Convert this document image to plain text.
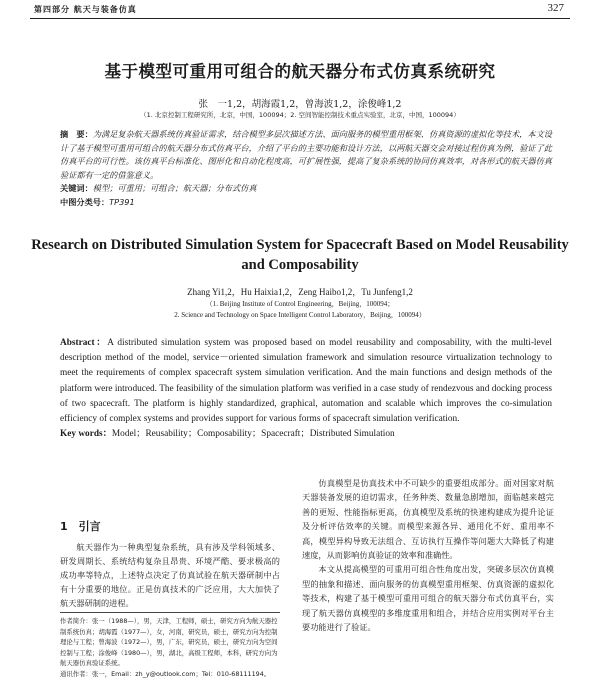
第四部分 航天与装备仿真	327
基于模型可重用可组合的航天器分布式仿真系统研究
张　一1,2，胡海霞1,2，曾海波1,2，涂俊峰1,2
（1. 北京控制工程研究所，北京，中国，100094；2. 空间智能控制技术重点实验室，北京，中国，100094）

摘　要：为满足复杂航天器系统仿真验证需求，结合模型多层次描述方法、面向服务的模型重用框架、仿真资源的虚拟化等技术，本文设计了基于模型可重用可组合的航天器分布式仿真平台，介绍了平台的主要功能和设计方法，以两航天器交会对接过程仿真为例，验证了此仿真平台的可行性。该仿真平台标准化、图形化和自动化程度高，可扩展性强，提高了复杂系统的协同仿真效率，对各形式的航天器仿真验证都有一定的借鉴意义。

关键词：模型；可重用；可组合；航天器；分布式仿真

中图分类号：TP391

Research on Distributed Simulation System for Spacecraft Based on Model Reusability and Composability
Zhang Yi1,2，Hu Haixia1,2，Zeng Haibo1,2，Tu Junfeng1,2
（1. Beijing Institute of Control Engineering，Beijing，100094；
2. Science and Technology on Space Intelligent Control Laboratory，Beijing，100094）

Abstract：A distributed simulation system was proposed based on model reusability and composability, with the multi-level description method of the model, service－oriented simulation framework and simulation resource virtualization technology to meet the requirements of complex spacecraft system simulation verification. And the main functions and design methods of the platform were introduced. The feasibility of the simulation platform was verified in a case study of rendezvous and docking process of two spacecraft. The platform is highly standardized, graphical, automation and scalable which improves the co-simulation efficiency of complex systems and provides support for various forms of spacecraft simulation verification.

Key words：Model；Reusability；Composability；Spacecraft；Distributed Simulation

1　引言

航天器作为一种典型复杂系统，具有涉及学科领域多、研发周期长、系统结构复杂且昂贵、环境严酷、要求极高的成功率等特点，上述特点决定了仿真试验在航天器研制中占有十分重要的地位。正是仿真技术的广泛应用，大大加快了航天器研制的进程。

仿真模型是仿真技术中不可缺少的重要组成部分。面对国家对航天器装备发展的迫切需求，任务种类、数量急剧增加，面临越来越完善的更短、性能指标更高，仿真模型及系统的快速构建成为提升论证及分析评估效率的关键。而模型来源各异、通用化不好、重用率不高，模型异构导致无法组合、互访执行互操作等问题大大降低了构建速度，从而影响仿真验证的效率和准确性。

本文从提高模型的可重用可组合性角度出发，突破多层次仿真模型的抽象和描述、面向服务的仿真模型重用框架、仿真资源的虚拟化等技术，构建了基于模型可重用可组合的航天器分布式仿真平台，实现了航天器仿真模型的多维度重用和组合，并结合应用实例对平台主要功能进行了验证。

作者简介：张一（1988—），男，天津，工程师，硕士，研究方向为航天器控制系统仿真；胡海霞（1977—），女，河南，研究员，硕士，研究方向为控制理论与工程；曾海波（1972—），男，广东，研究员，硕士，研究方向为空间控制与工程；涂俊峰（1980—），男，湖北，高级工程师，本科，研究方向为航天器仿真验证系统。

通讯作者：张一，Email：zh_y@outlook.com；Tel：010-68111194。
